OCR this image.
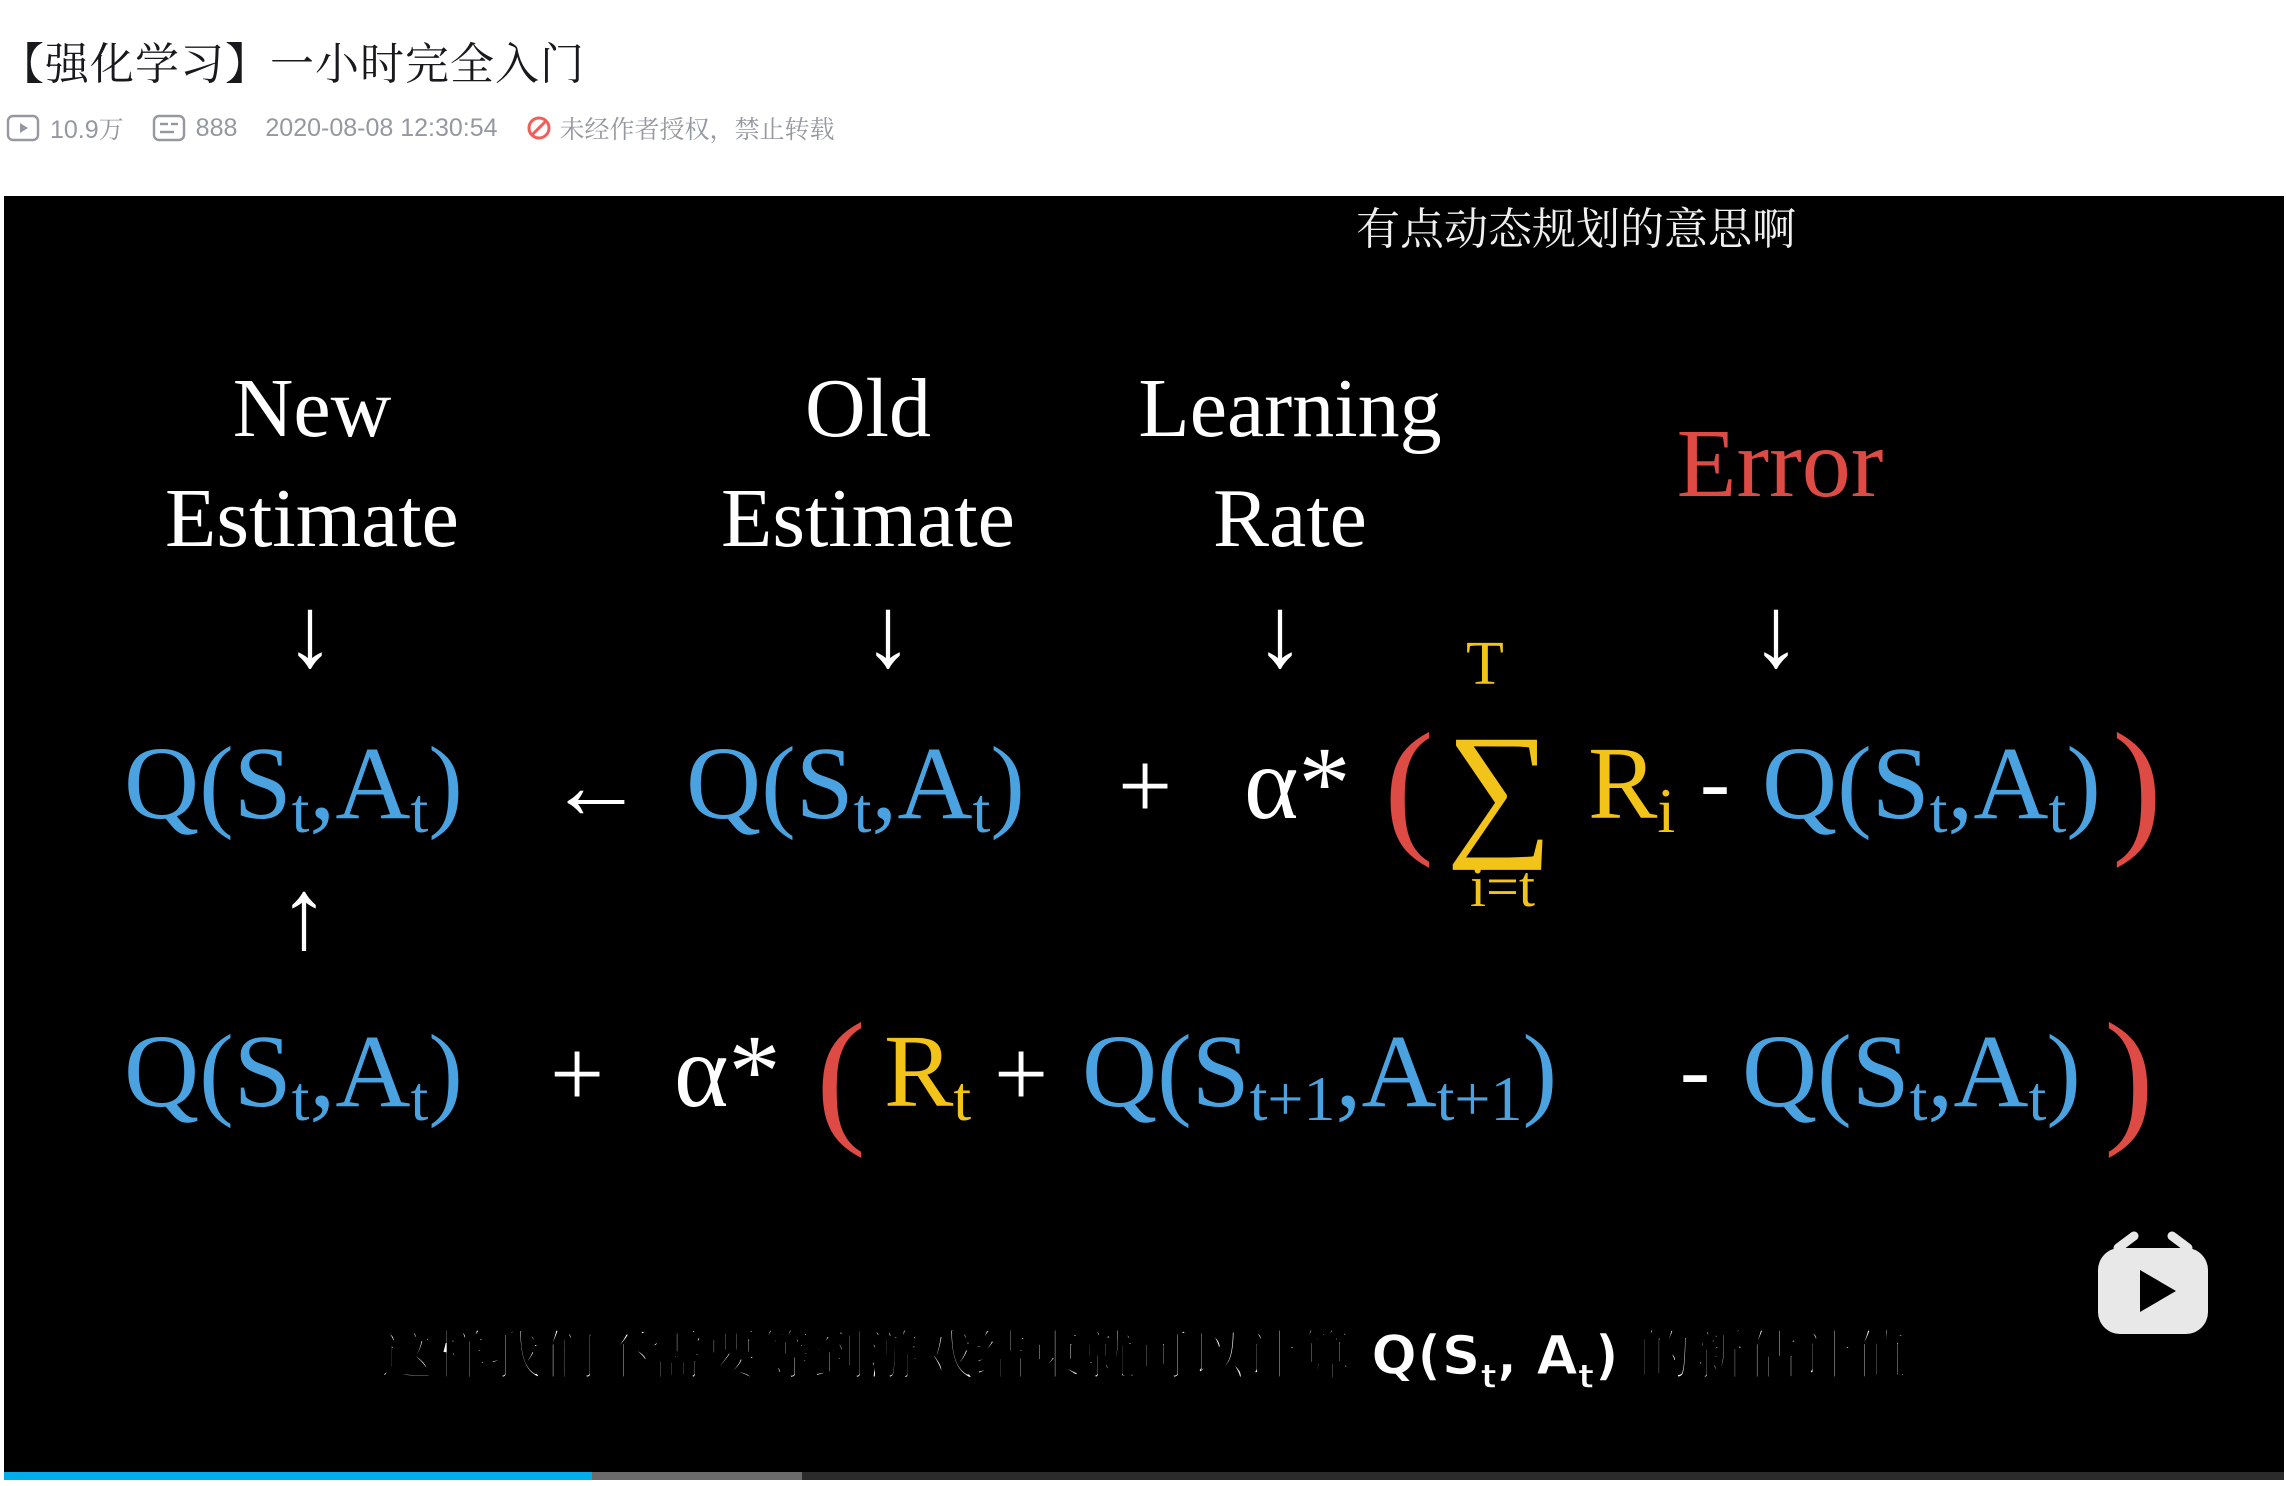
【强化学习】一小时完全入门
10.9万	888 2020-08-08 12:30:54 未经作者授权，禁止转载
有点动态规划的意思啊
New
Estimate
Old
Estimate
Learning
Rate
Error
↓	↓	↓	↓
Q(St,At) ← Q(St,At) + α* (
T
∑
i=t
Ri - Q(St,At) )
↑
Q(St,At) + α* ( Rt + Q(St+1,At+1) - Q(St,At) )
这样我们不需要等到游戏结束就可以计算 $Q(S_t$, $A_t$) 的新估计值
